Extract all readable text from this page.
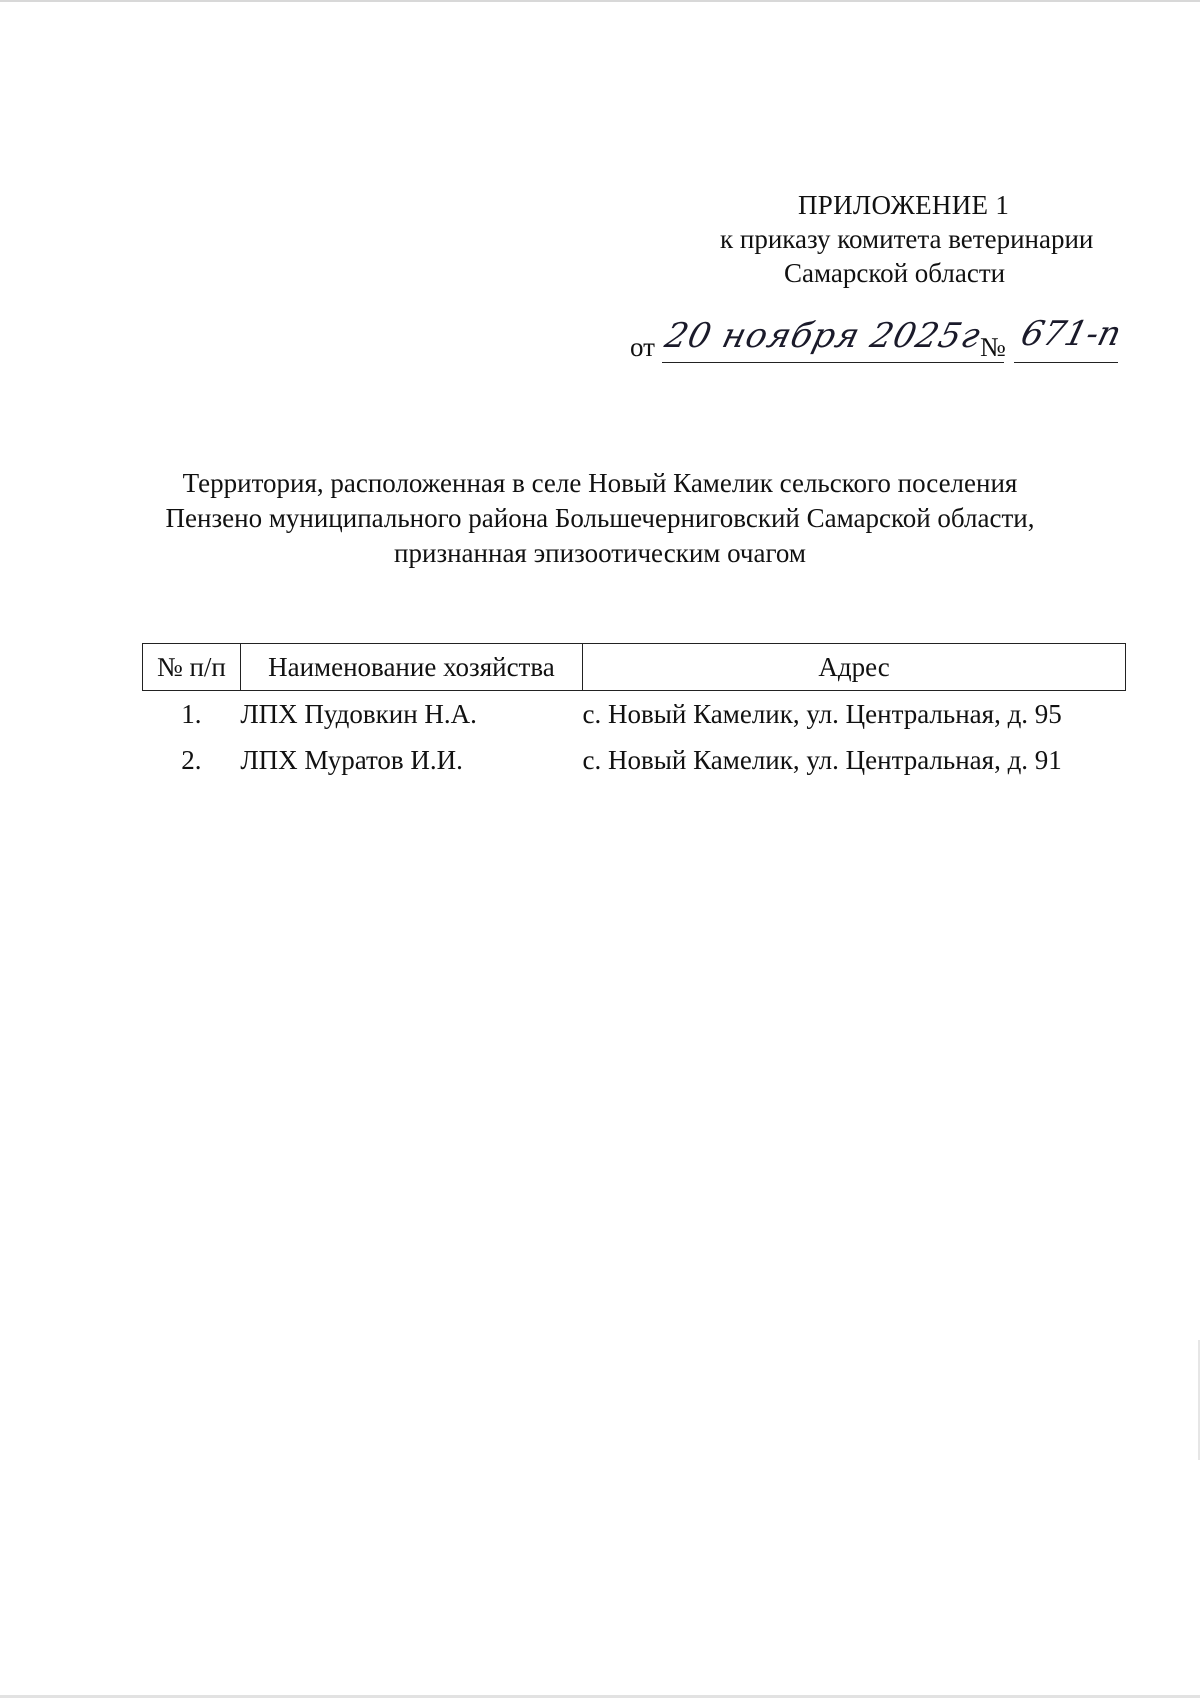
ПРИЛОЖЕНИЕ 1
к приказу комитета ветеринарии
Самарской области
от 20 ноября 2025г
№ 671-п
Территория, расположенная в селе Новый Камелик сельского поселения
Пензено муниципального района Большечерниговский Самарской области,
признанная эпизоотическим очагом
№ п/п	Наименование хозяйства	Адрес
1.	ЛПХ Пудовкин Н.А.	с. Новый Камелик, ул. Центральная, д. 95
2.	ЛПХ Муратов И.И.	с. Новый Камелик, ул. Центральная, д. 91
